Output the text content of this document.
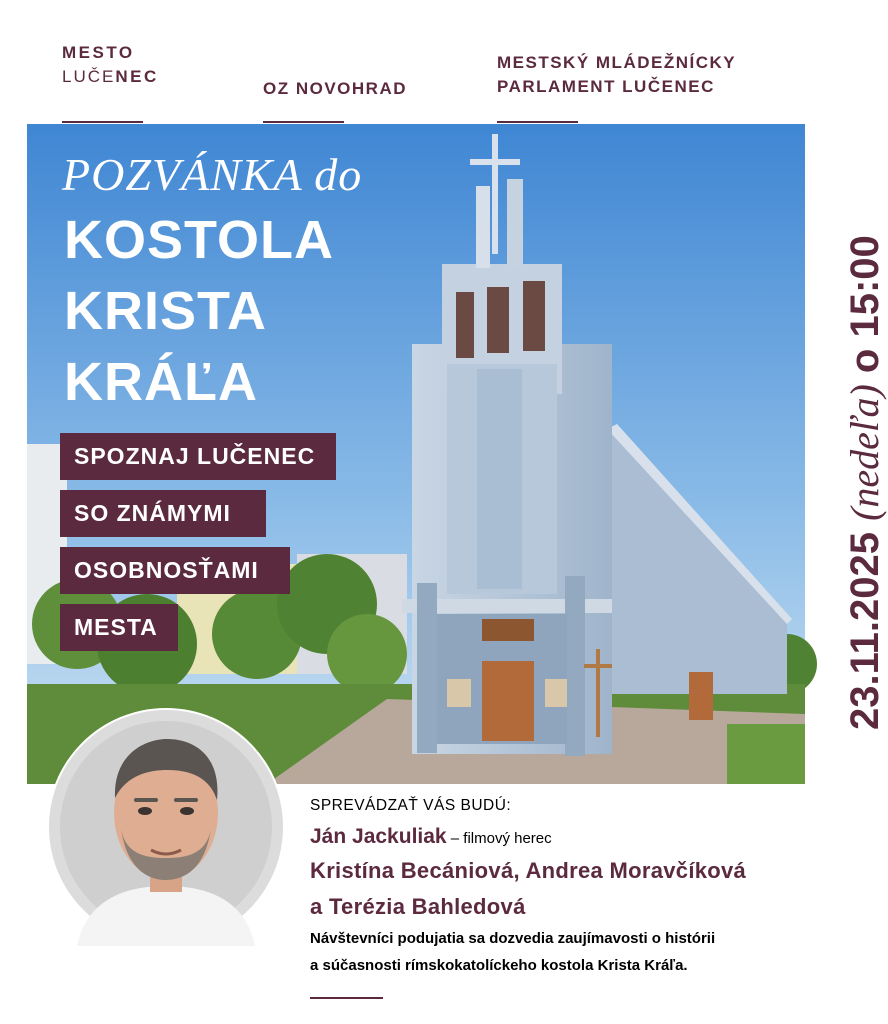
MESTO
LUČENEC
OZ NOVOHRAD
MESTSKÝ MLÁDEŽNÍCKY
PARLAMENT LUČENEC
POZVÁNKA do
KOSTOLA
KRISTA
KRÁĽA
SPOZNAJ LUČENEC
SO ZNÁMYMI
OSOBNOSŤAMI
MESTA	23.11.2025 (nedeľa) o 15:00
SPREVÁDZAŤ VÁS BUDÚ:
Ján Jackuliak – filmový herec
Kristína Becániová, Andrea Moravčíková
a Terézia Bahledová
Návštevníci podujatia sa dozvedia zaujímavosti o histórii
a súčasnosti rímskokatolíckeho kostola Krista Kráľa.
